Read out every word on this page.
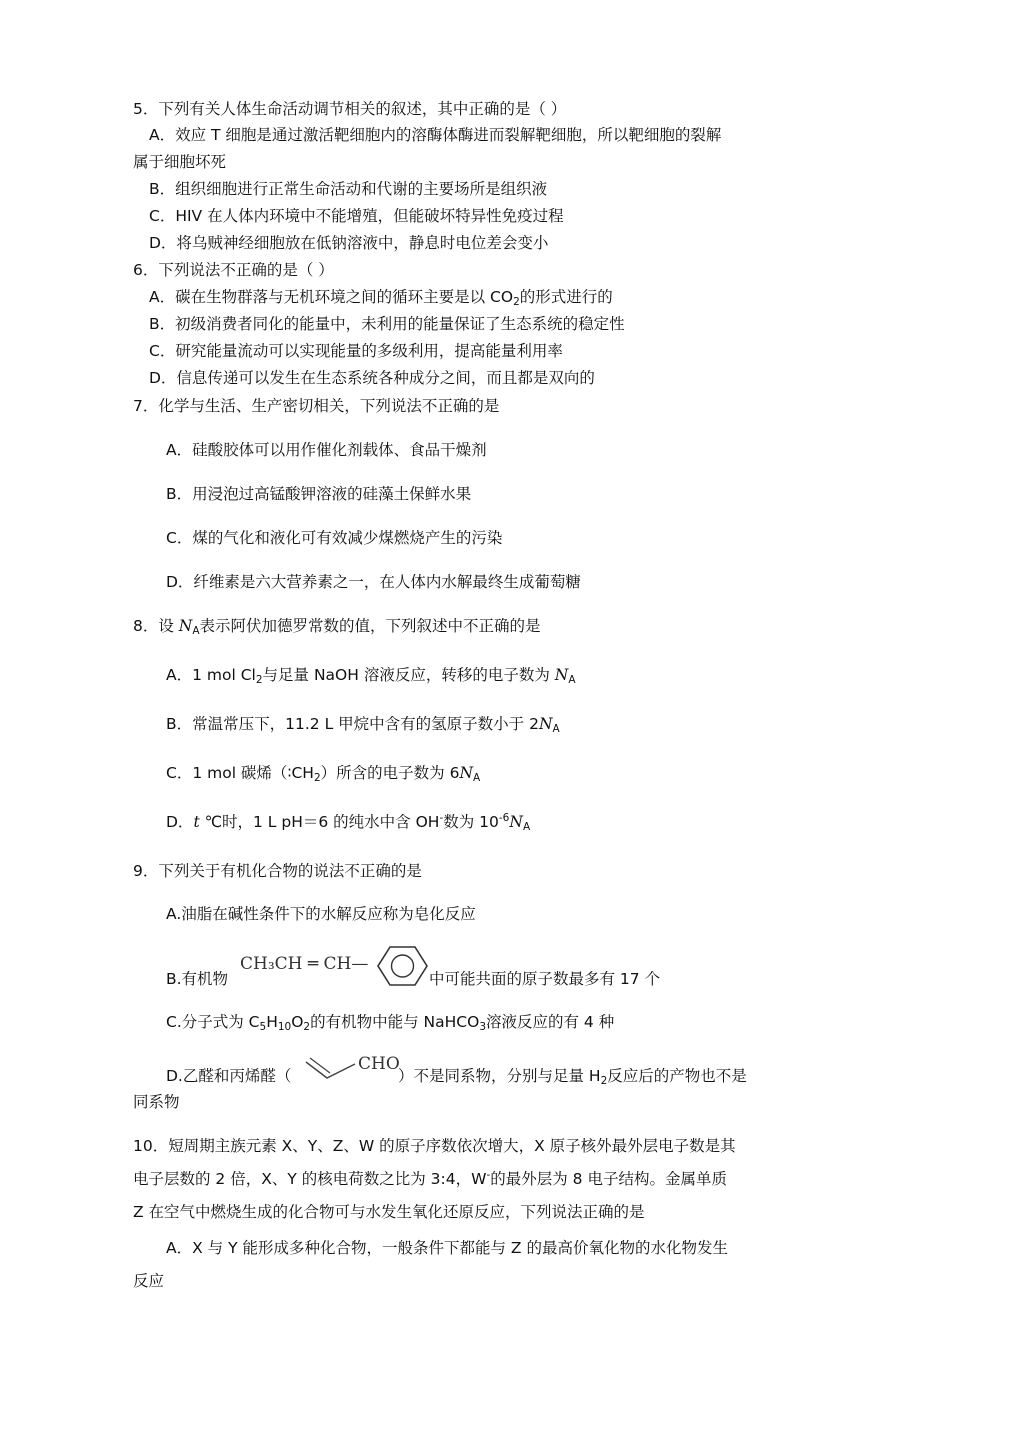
5．下列有关人体生命活动调节相关的叙述，其中正确的是（ ）
A．效应 T 细胞是通过激活靶细胞内的溶酶体酶进而裂解靶细胞，所以靶细胞的裂解
属于细胞坏死
B．组织细胞进行正常生命活动和代谢的主要场所是组织液
C．HIV 在人体内环境中不能增殖，但能破坏特异性免疫过程
D．将乌贼神经细胞放在低钠溶液中，静息时电位差会变小
6．下列说法不正确的是（ ）
A．碳在生物群落与无机环境之间的循环主要是以 $CO_2$的形式进行的
B．初级消费者同化的能量中，未利用的能量保证了生态系统的稳定性
C．研究能量流动可以实现能量的多级利用，提高能量利用率
D．信息传递可以发生在生态系统各种成分之间，而且都是双向的
7．化学与生活、生产密切相关，下列说法不正确的是
A．硅酸胶体可以用作催化剂载体、食品干燥剂
B．用浸泡过高锰酸钾溶液的硅藻土保鲜水果
C．煤的气化和液化可有效减少煤燃烧产生的污染
D．纤维素是六大营养素之一，在人体内水解最终生成葡萄糖
8．设 $N_A$表示阿伏加德罗常数的值，下列叙述中不正确的是
A．1 mol $Cl_2$与足量 NaOH 溶液反应，转移的电子数为 $N_A$
B．常温常压下，11.2 L 甲烷中含有的氢原子数小于 $2N_A$
C．1 mol 碳烯$(∶CH_2)$所含的电子数为 $6N_A$
D．t ℃时，1 L pH＝6 的纯水中含 OH-数为 $10^{-6}N_A$
9．下列关于有机化合物的说法不正确的是
A.油脂在碱性条件下的水解反应称为皂化反应
B.有机物
CH₃CH ═ CH—
中可能共面的原子数最多有 17 个
C.分子式为 $C_5H_{10}O_2$的有机物中能与 NaHCO$_3$溶液反应的有 4 种
D.乙醛和丙烯醛（
CHO
）不是同系物，分别与足量 $H_2$反应后的产物也不是
同系物
10．短周期主族元素 X、Y、Z、W 的原子序数依次增大，X 原子核外最外层电子数是其
电子层数的 2 倍，X、Y 的核电荷数之比为 3:4，W-的最外层为 8 电子结构。金属单质
Z 在空气中燃烧生成的化合物可与水发生氧化还原反应，下列说法正确的是
A．X 与 Y 能形成多种化合物，一般条件下都能与 Z 的最高价氧化物的水化物发生
反应
